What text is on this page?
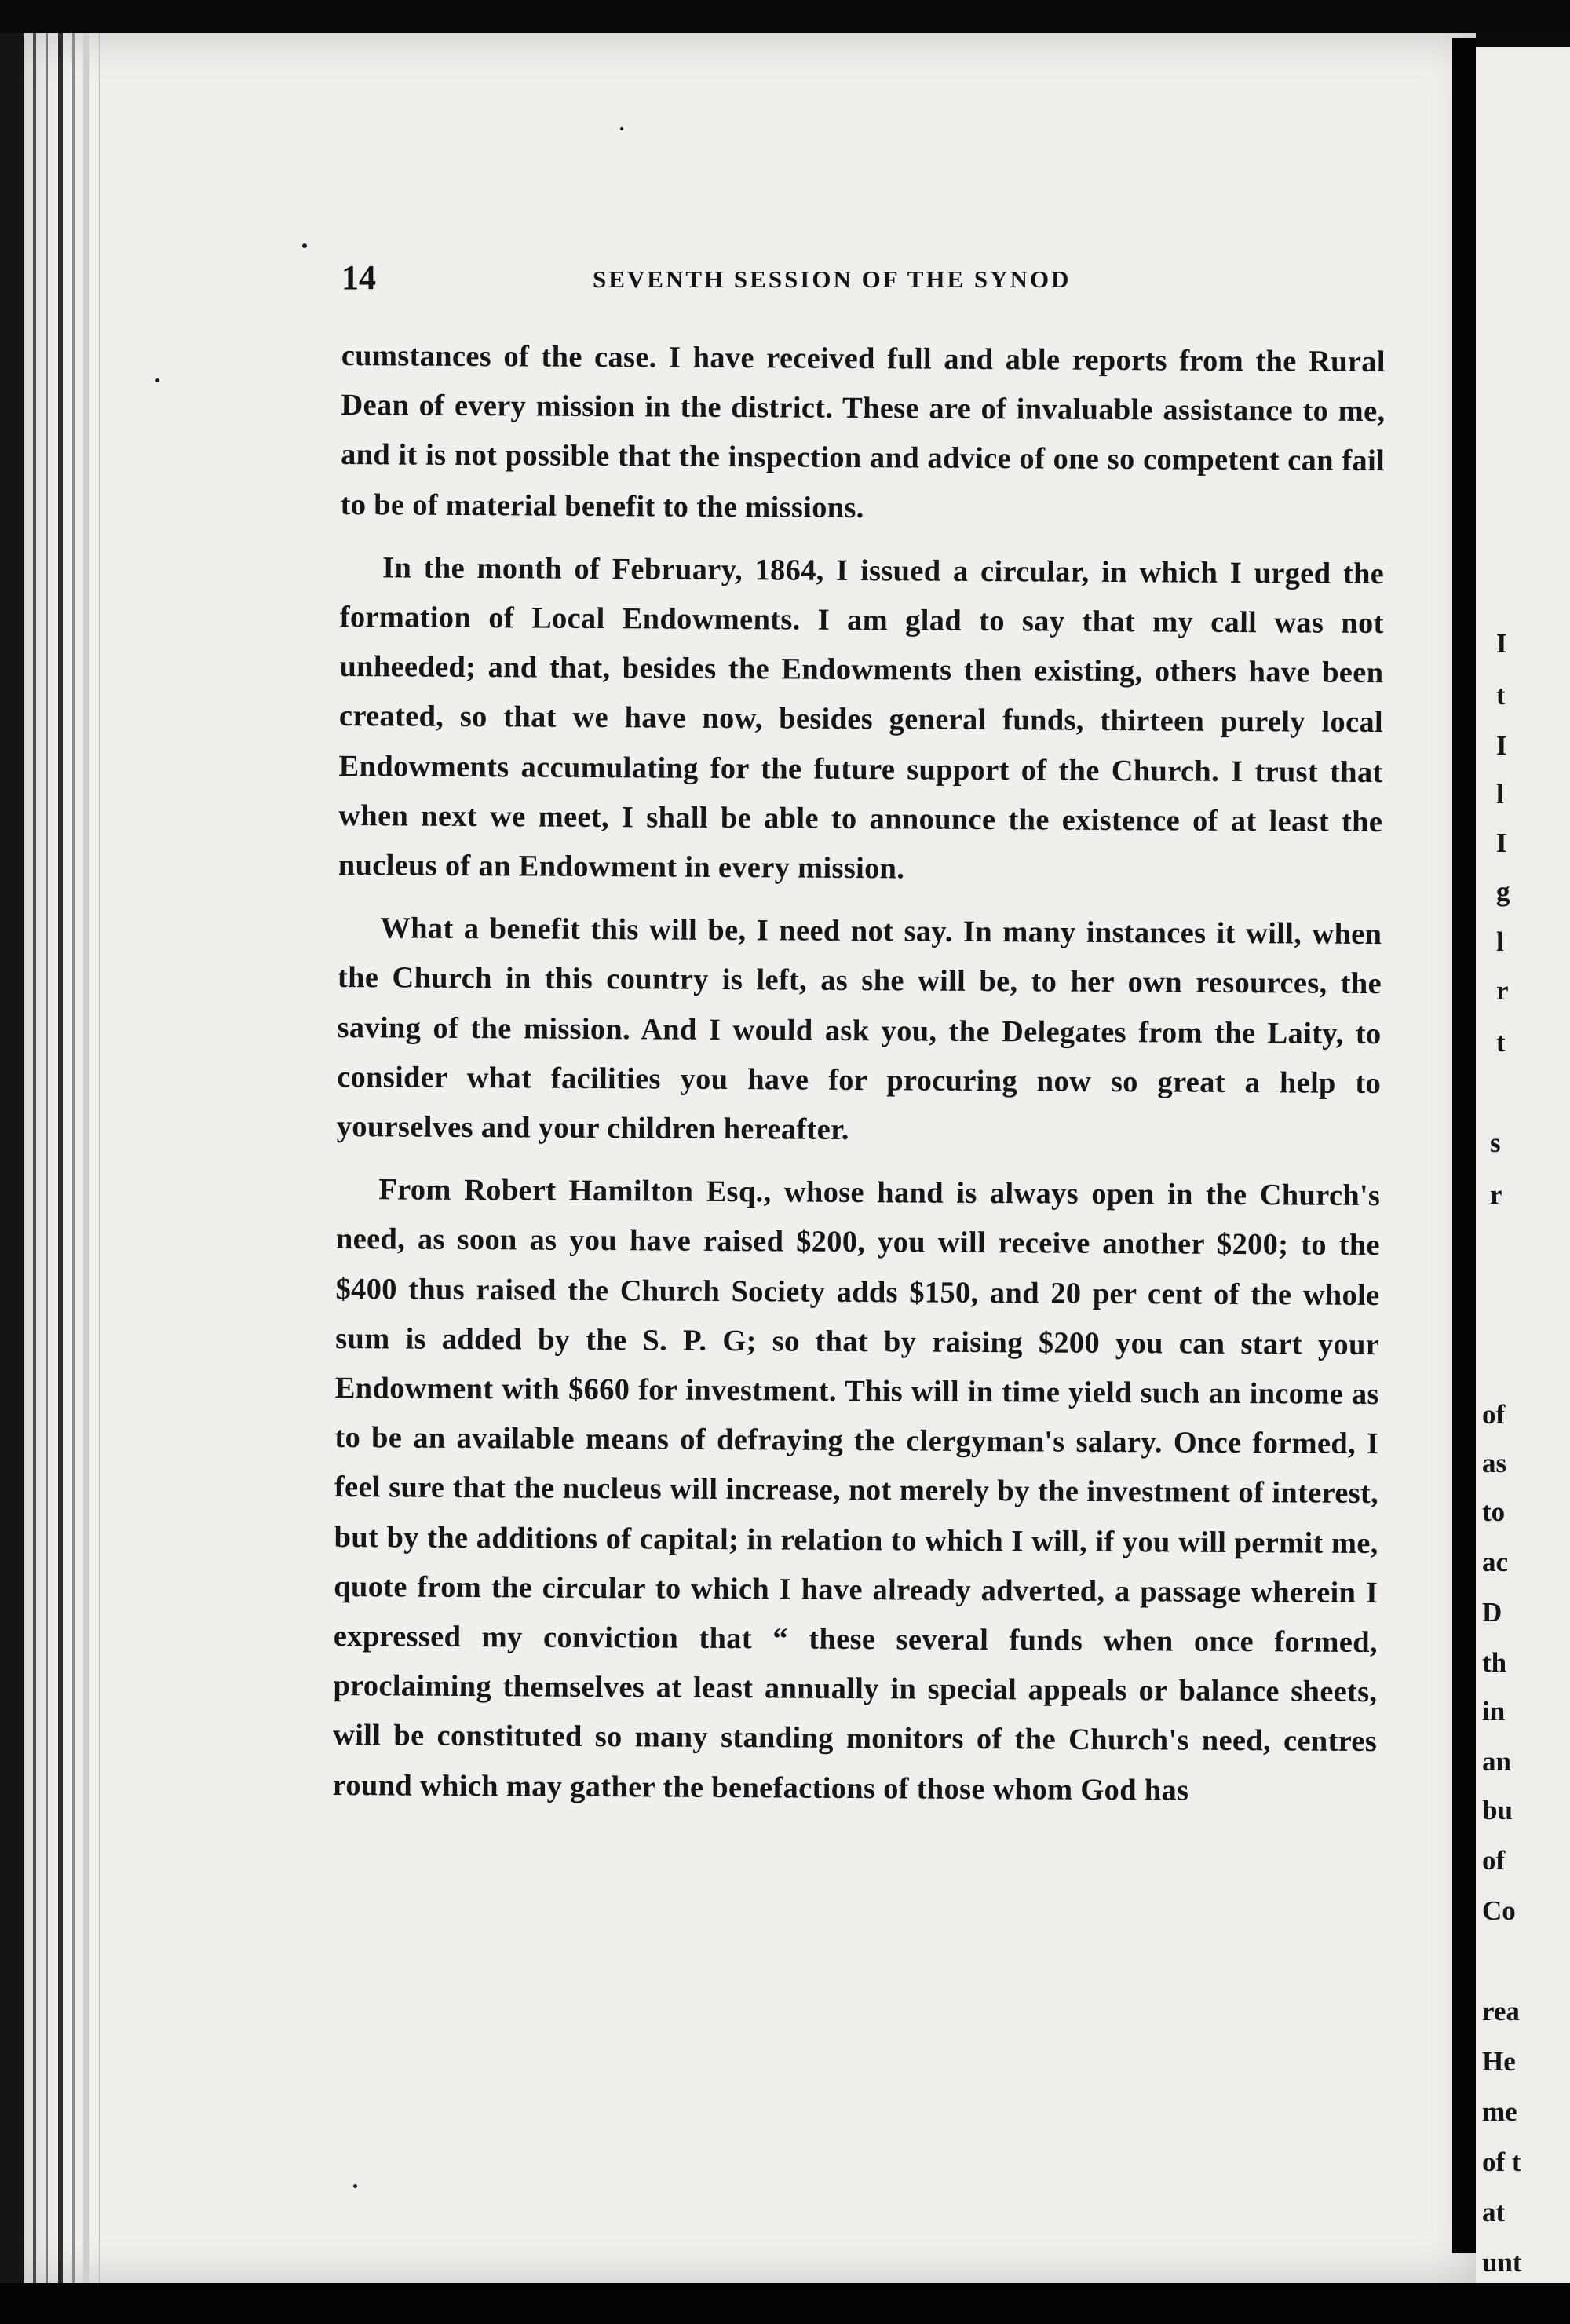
14	SEVENTH SESSION OF THE SYNOD

cumstances of the case. I have received full and able reports from the Rural Dean of every mission in the district. These are of invaluable assistance to me, and it is not possible that the inspection and advice of one so competent can fail to be of material benefit to the missions.

In the month of February, 1864, I issued a circular, in which I urged the formation of Local Endowments. I am glad to say that my call was not unheeded; and that, besides the Endowments then existing, others have been created, so that we have now, besides general funds, thirteen purely local Endowments accumulating for the future support of the Church. I trust that when next we meet, I shall be able to announce the existence of at least the nucleus of an Endowment in every mission.

What a benefit this will be, I need not say. In many instances it will, when the Church in this country is left, as she will be, to her own resources, the saving of the mission. And I would ask you, the Delegates from the Laity, to consider what facilities you have for procuring now so great a help to yourselves and your children hereafter.

From Robert Hamilton Esq., whose hand is always open in the Church's need, as soon as you have raised $200, you will receive another $200; to the $400 thus raised the Church Society adds $150, and 20 per cent of the whole sum is added by the S. P. G; so that by raising $200 you can start your Endowment with $660 for investment. This will in time yield such an income as to be an available means of defraying the clergyman's salary. Once formed, I feel sure that the nucleus will increase, not merely by the investment of interest, but by the additions of capital; in relation to which I will, if you will permit me, quote from the circular to which I have already adverted, a passage wherein I expressed my conviction that “ these several funds when once formed, proclaiming themselves at least annually in special appeals or balance sheets, will be constituted so many standing monitors of the Church's need, centres round which may gather the benefactions of those whom God has

I
t
I
l
I
g
l
r
t
s
r
of
as
to
ac
D
th
in
an
bu
of
Co
rea
He
me
of t
at
unt
